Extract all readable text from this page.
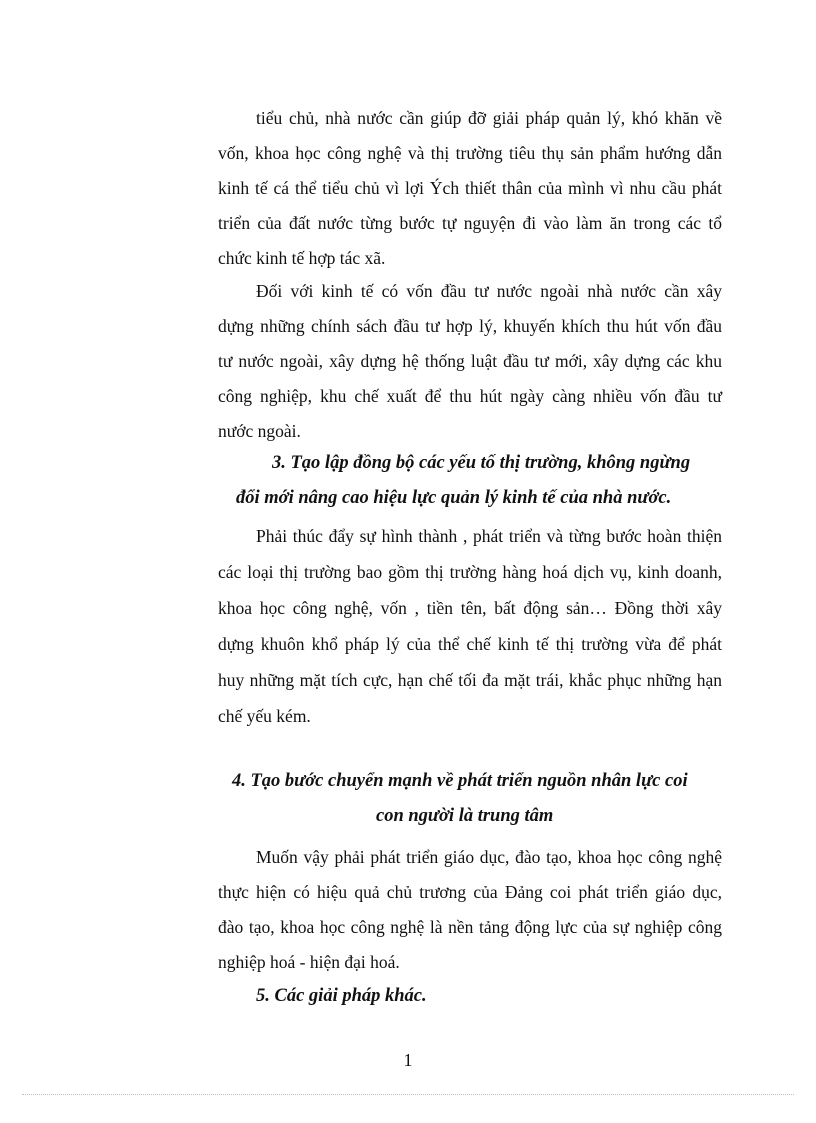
tiểu chủ, nhà nước cần giúp đỡ giải pháp quản lý, khó khăn về
vốn, khoa học công nghệ và thị trường tiêu thụ sản phẩm hướng dẫn
kinh tế cá thể tiểu chủ vì lợi Ých thiết thân của mình vì nhu cầu phát
triển của đất nước từng bước tự nguyện đi vào làm ăn trong các tổ
chức kinh tế hợp tác xã.
Đối với kinh tế có vốn đầu tư nước ngoài nhà nước cần xây
dựng những chính sách đầu tư hợp lý, khuyến khích thu hút vốn đầu
tư nước ngoài, xây dựng hệ thống luật đầu tư mới, xây dựng các khu
công nghiệp, khu chế xuất để thu hút ngày càng nhiều vốn đầu tư
nước ngoài.
3. Tạo lập đồng bộ các yếu tố thị trường, không ngừng
đổi mới nâng cao hiệu lực quản lý kinh tế của nhà nước.
Phải thúc đẩy sự hình thành , phát triển và từng bước hoàn thiện
các loại thị trường bao gồm thị trường hàng hoá dịch vụ, kinh doanh,
khoa học công nghệ, vốn , tiền tên, bất động sản… Đồng thời xây
dựng khuôn khổ pháp lý của thể chế kinh tế thị trường vừa để phát
huy những mặt tích cực, hạn chế tối đa mặt trái, khắc phục những hạn
chế yếu kém.
4. Tạo bước chuyển mạnh về phát triển nguồn nhân lực coi
con người là trung tâm
Muốn vậy phải phát triển giáo dục, đào tạo, khoa học công nghệ
thực hiện có hiệu quả chủ trương của Đảng coi phát triển giáo dục,
đào tạo, khoa học công nghệ là nền tảng động lực của sự nghiệp công
nghiệp hoá - hiện đại hoá.
5. Các giải pháp khác.
1
